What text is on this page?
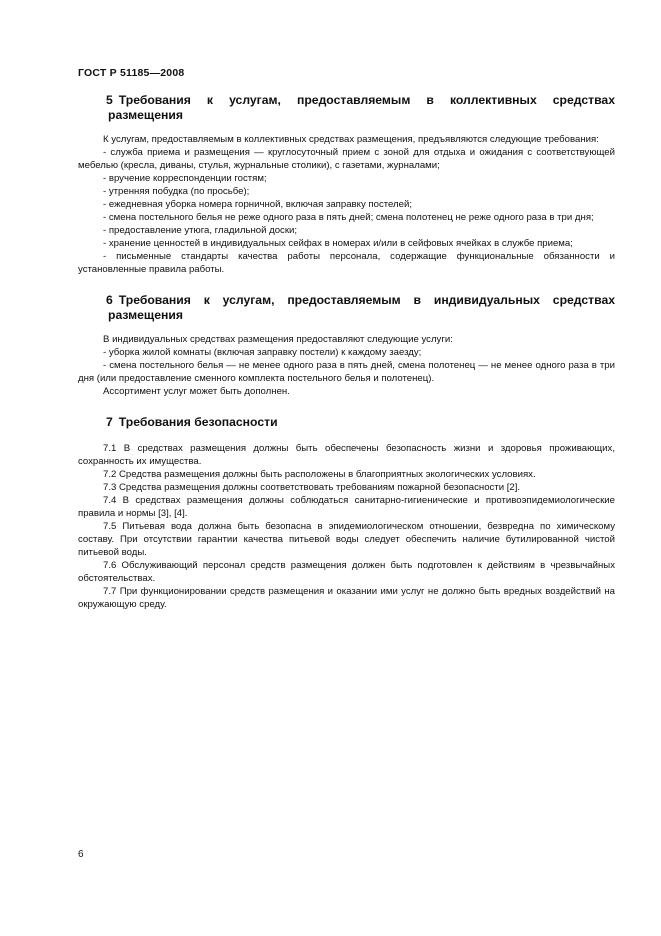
ГОСТ Р 51185—2008
5 Требования к услугам, предоставляемым в коллективных средствах размещения

К услугам, предоставляемым в коллективных средствах размещения, предъявляются следующие требования:

- служба приема и размещения — круглосуточный прием с зоной для отдыха и ожидания с соответствующей мебелью (кресла, диваны, стулья, журнальные столики), с газетами, журналами;

- вручение корреспонденции гостям;

- утренняя побудка (по просьбе);

- ежедневная уборка номера горничной, включая заправку постелей;

- смена постельного белья не реже одного раза в пять дней; смена полотенец не реже одного раза в три дня;

- предоставление утюга, гладильной доски;

- хранение ценностей в индивидуальных сейфах в номерах и/или в сейфовых ячейках в службе приема;

- письменные стандарты качества работы персонала, содержащие функциональные обязанности и установленные правила работы.

6 Требования к услугам, предоставляемым в индивидуальных средствах размещения

В индивидуальных средствах размещения предоставляют следующие услуги:

- уборка жилой комнаты (включая заправку постели) к каждому заезду;

- смена постельного белья — не менее одного раза в пять дней, смена полотенец — не менее одного раза в три дня (или предоставление сменного комплекта постельного белья и полотенец).

Ассортимент услуг может быть дополнен.

7 Требования безопасности

7.1 В средствах размещения должны быть обеспечены безопасность жизни и здоровья проживающих, сохранность их имущества.

7.2 Средства размещения должны быть расположены в благоприятных экологических условиях.

7.3 Средства размещения должны соответствовать требованиям пожарной безопасности [2].

7.4 В средствах размещения должны соблюдаться санитарно-гигиенические и противоэпидемиологические правила и нормы [3], [4].

7.5 Питьевая вода должна быть безопасна в эпидемиологическом отношении, безвредна по химическому составу. При отсутствии гарантии качества питьевой воды следует обеспечить наличие бутилированной чистой питьевой воды.

7.6 Обслуживающий персонал средств размещения должен быть подготовлен к действиям в чрезвычайных обстоятельствах.

7.7 При функционировании средств размещения и оказании ими услуг не должно быть вредных воздействий на окружающую среду.

6
